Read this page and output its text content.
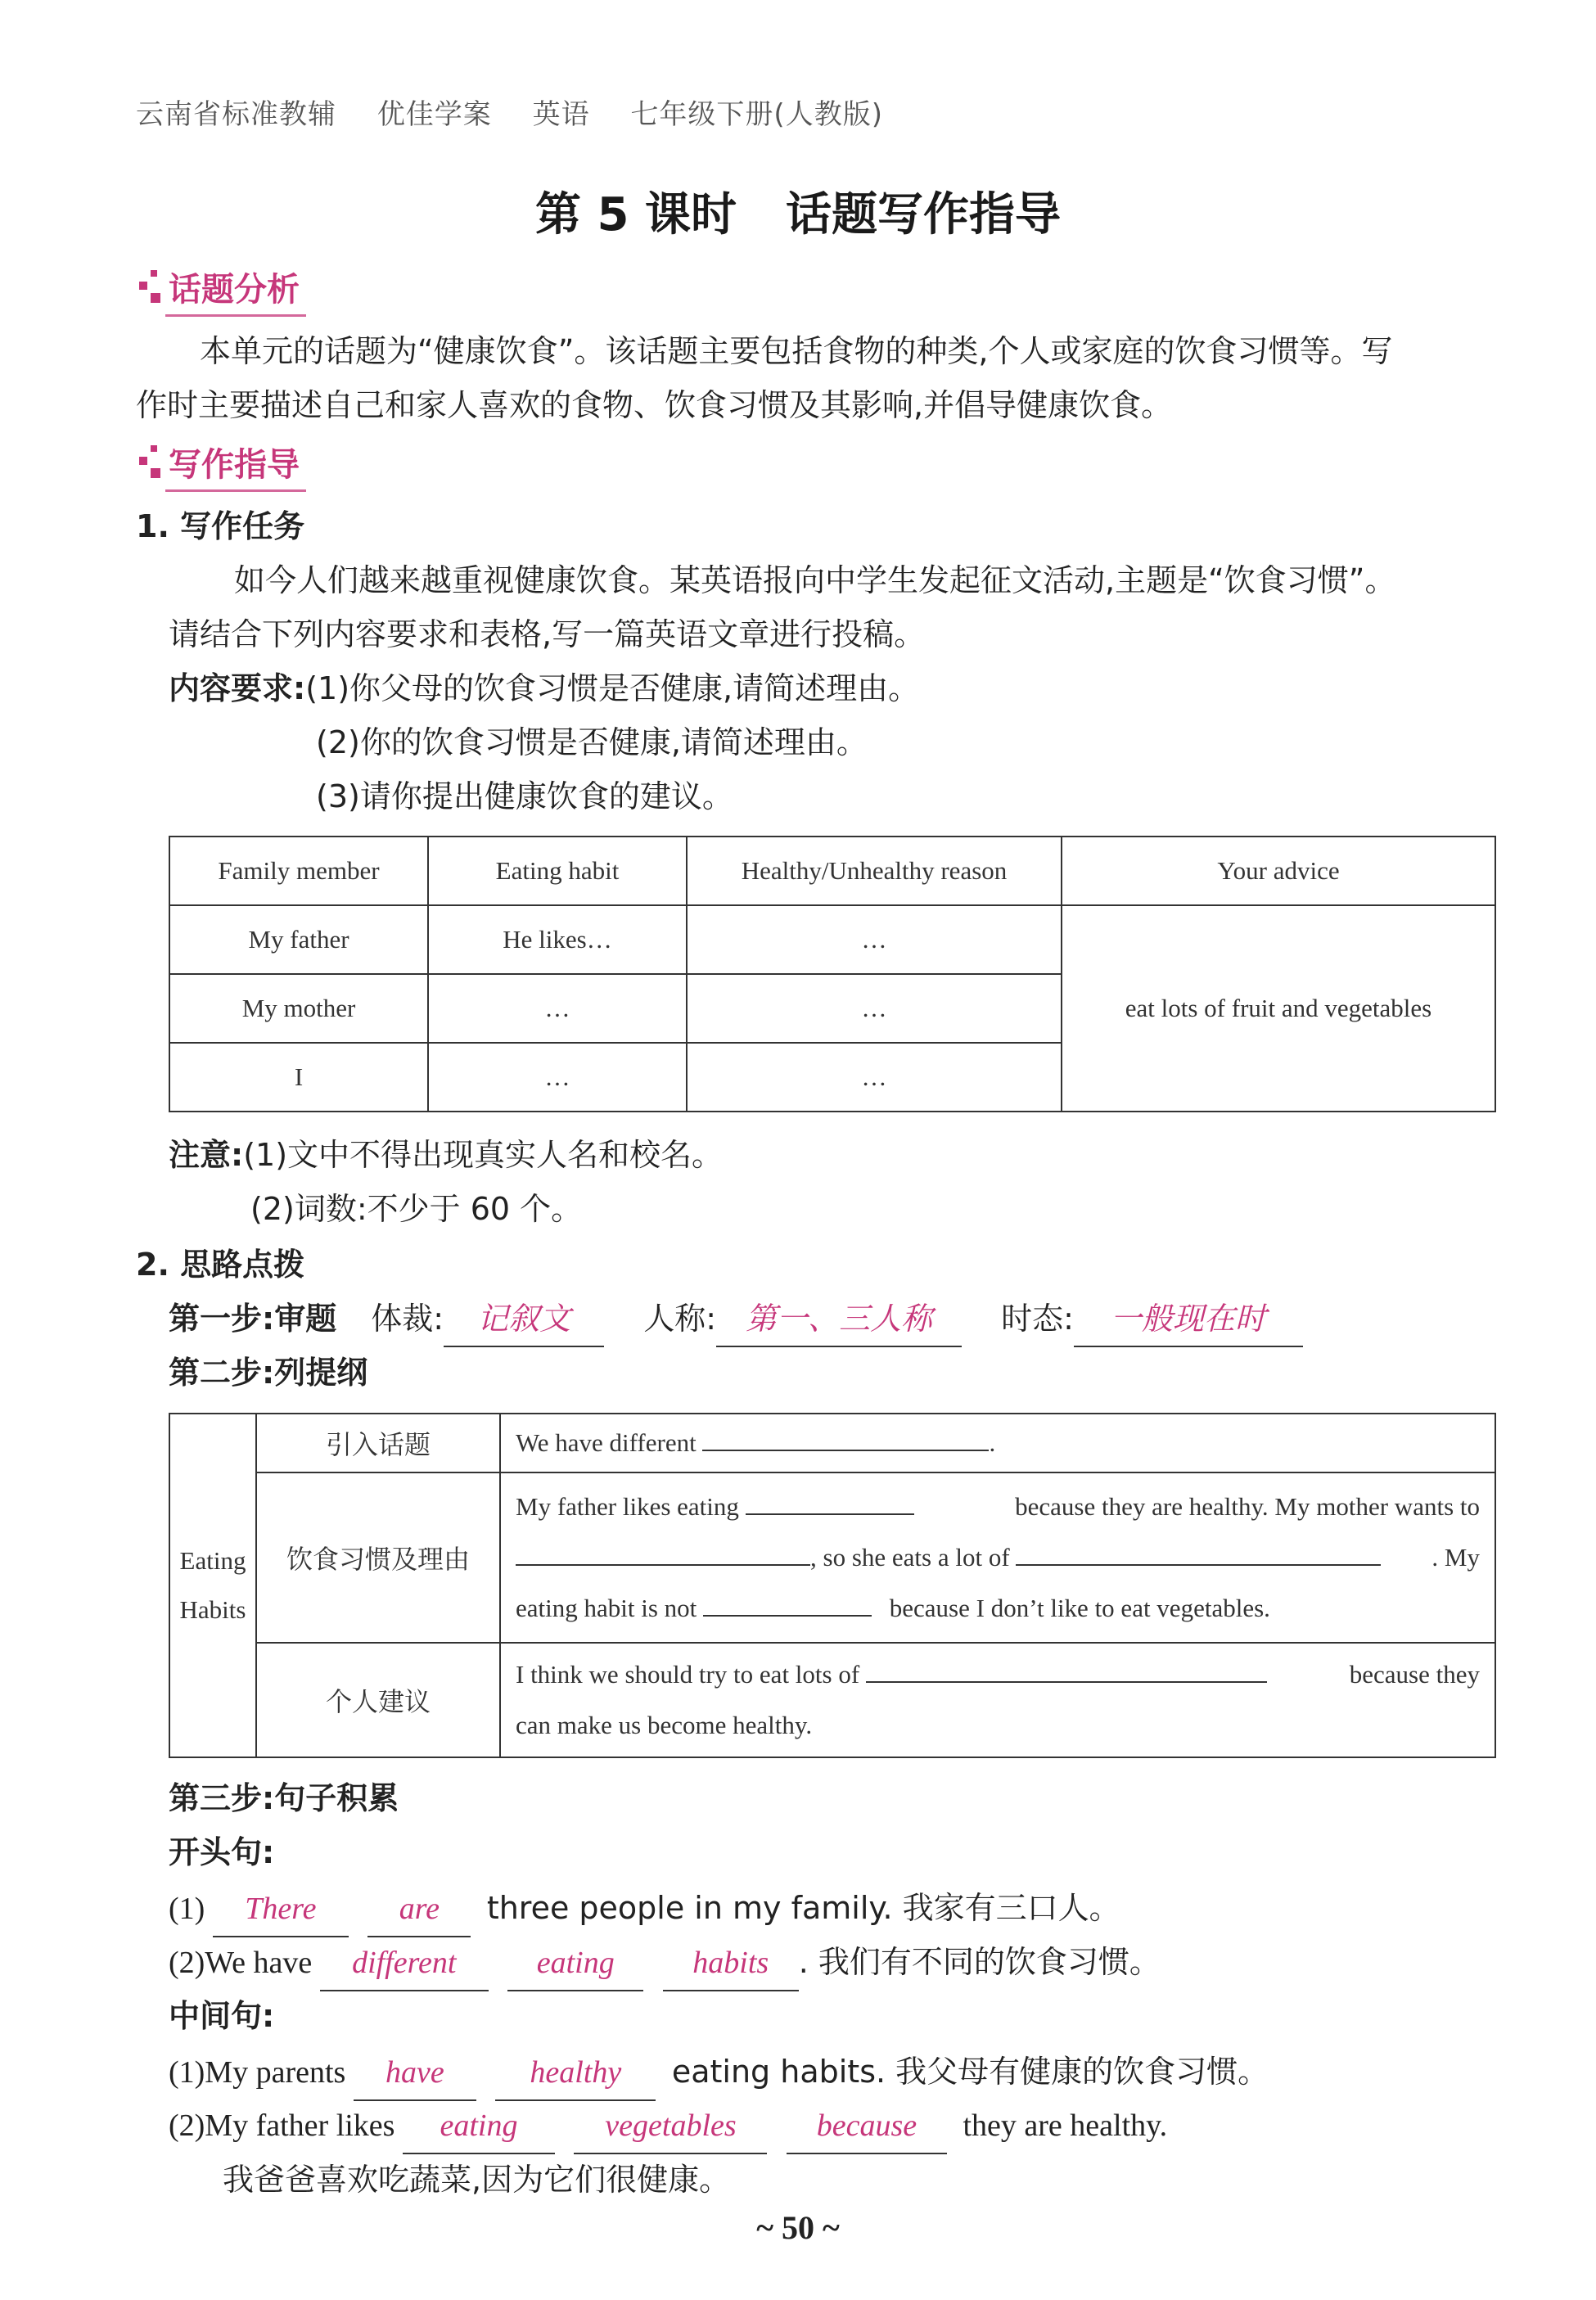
云南省标准教辅 优佳学案 英语 七年级下册(人教版)
第 5 课时 话题写作指导
话题分析
本单元的话题为“健康饮食”。该话题主要包括食物的种类,个人或家庭的饮食习惯等。写
作时主要描述自己和家人喜欢的食物、饮食习惯及其影响,并倡导健康饮食。
写作指导
1. 写作任务
如今人们越来越重视健康饮食。某英语报向中学生发起征文活动,主题是“饮食习惯”。
请结合下列内容要求和表格,写一篇英语文章进行投稿。
内容要求:(1)你父母的饮食习惯是否健康,请简述理由。
(2)你的饮食习惯是否健康,请简述理由。
(3)请你提出健康饮食的建议。
Family member	Eating habit	Healthy/Unhealthy reason	Your advice
My father	He likes…	…	eat lots of fruit and vegetables
My mother	…	…	
I	…	…	
注意:(1)文中不得出现真实人名和校名。
(2)词数:不少于 60 个。
2. 思路点拨
第一步:审题 体裁: 记叙文 人称: 第一、三人称 时态: 一般现在时
第二步:列提纲
Eating
Habits	引入话题	We have different .
	饮食习惯及理由	My father likes eating because they are healthy. My mother wants to
, so she eats a lot of . My
eating habit is not because I don’t like to eat vegetables.

	个人建议	I think we should try to eat lots of because they
can make us become healthy.
第三步:句子积累
开头句:
(1) There	are three people in my family. 我家有三口人。
(2)We have different	eating	habits . 我们有不同的饮食习惯。
中间句:
(1)My parents have	healthy eating habits. 我父母有健康的饮食习惯。
(2)My father likes eating	vegetables	because they are healthy.
我爸爸喜欢吃蔬菜,因为它们很健康。
~ 50 ~
